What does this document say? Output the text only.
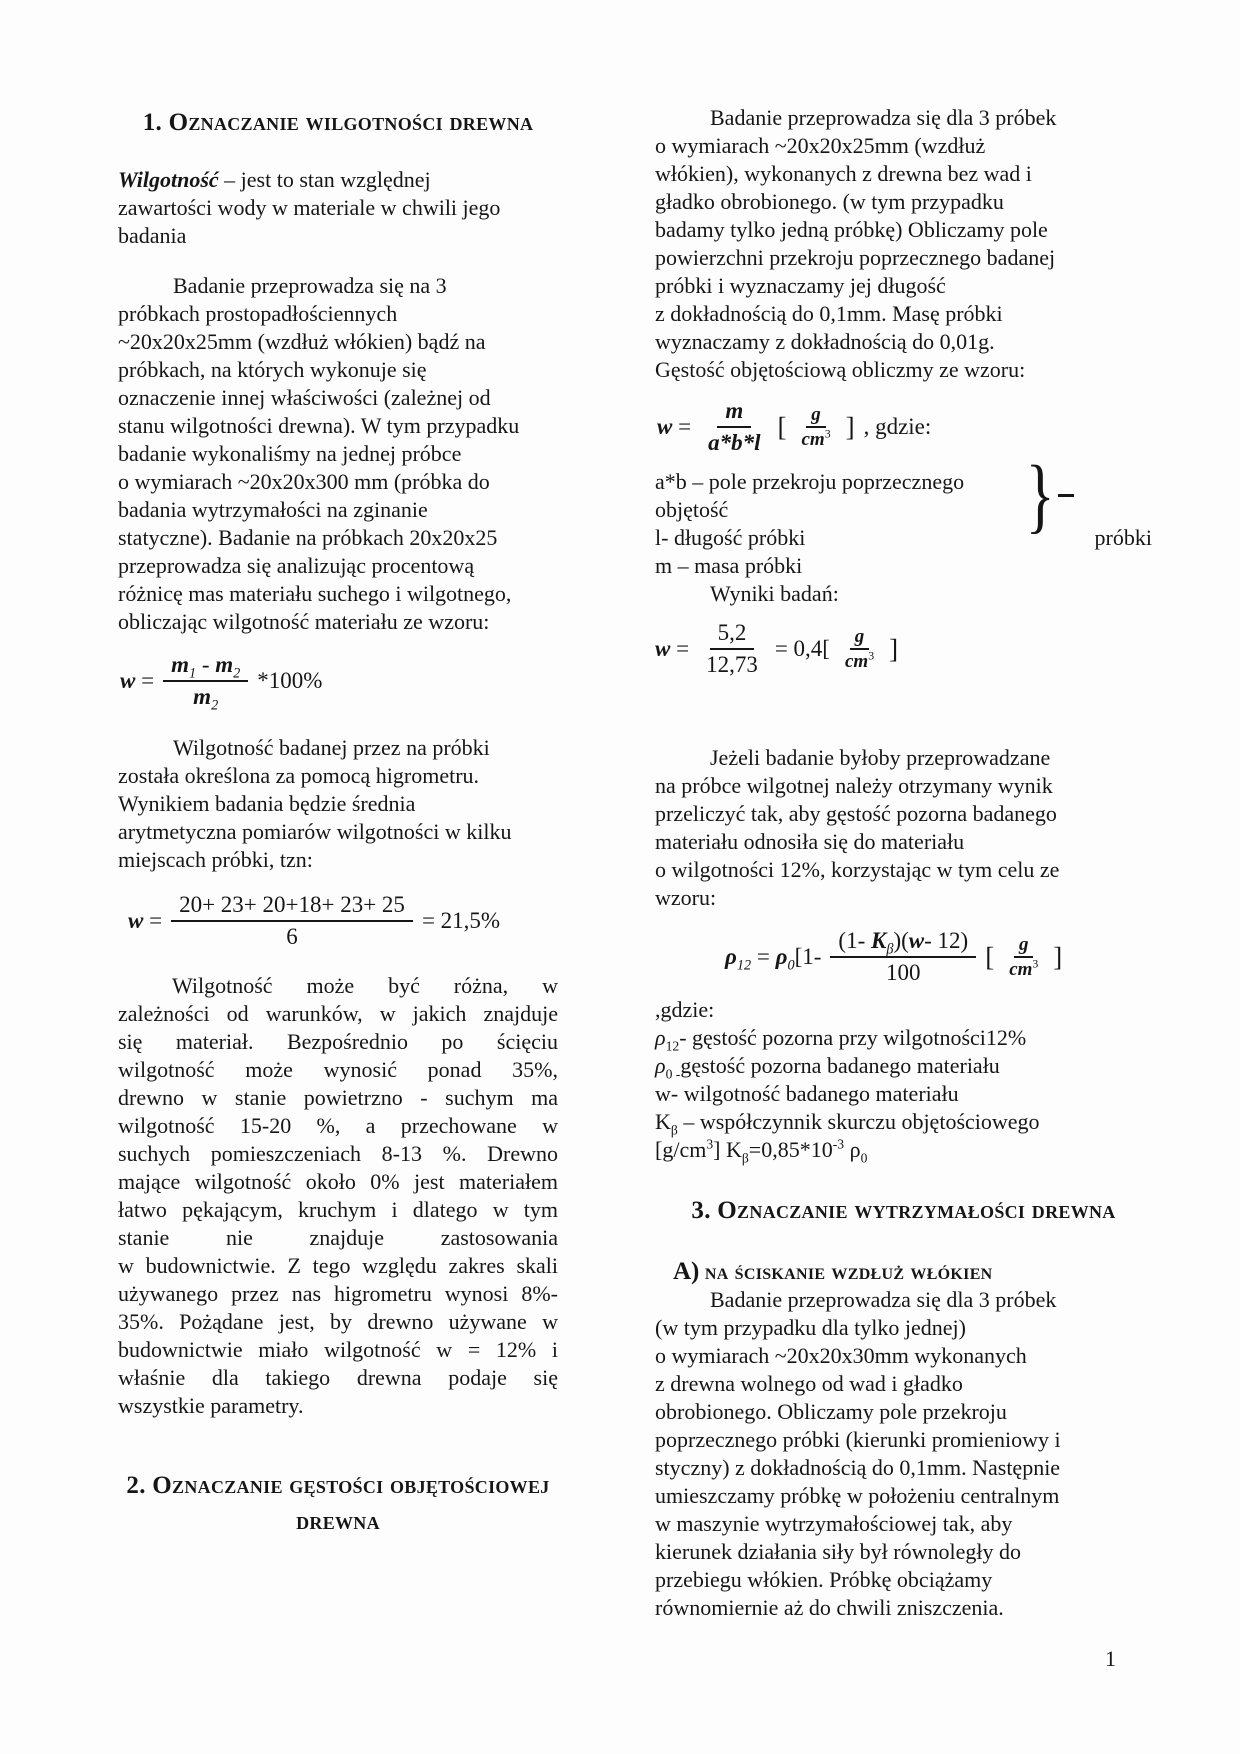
1. Oznaczanie wilgotności drewna

Wilgotność – jest to stan względnej
zawartości wody w materiale w chwili jego
badania

Badanie przeprowadza się na 3
próbkach prostopadłościennych
~20x20x25mm (wzdłuż włókien) bądź na
próbkach, na których wykonuje się
oznaczenie innej właściwości (zależnej od
stanu wilgotności drewna). W tym przypadku
badanie wykonaliśmy na jednej próbce
o wymiarach ~20x20x300 mm (próbka do
badania wytrzymałości na zginanie
statyczne). Badanie na próbkach 20x20x25
przeprowadza się analizując procentową
różnicę mas materiału suchego i wilgotnego,
obliczając wilgotność materiału ze wzoru:

$w = \frac{m_1 - m_2}{m_2} *100\%$

Wilgotność badanej przez na próbki
została określona za pomocą higrometru.
Wynikiem badania będzie średnia
arytmetyczna pomiarów wilgotności w kilku
miejscach próbki, tzn:

$w = \frac{20+ 23+ 20+18+ 23+ 25}{6} = 21,5\%$
Wilgotność może być różna, w
zależności od warunków, w jakich znajduje
się materiał. Bezpośrednio po ścięciu
wilgotność może wynosić ponad 35%,
drewno w stanie powietrzno - suchym ma
wilgotność 15-20 %, a przechowane w
suchych pomieszczeniach 8-13 %. Drewno
mające wilgotność około 0% jest materiałem
łatwo pękającym, kruchym i dlatego w tym
stanie nie znajduje zastosowania
w budownictwie. Z tego względu zakres skali
używanego przez nas higrometru wynosi 8%-
35%. Pożądane jest, by drewno używane w
budownictwie miało wilgotność w = 12% i
właśnie dla takiego drewna podaje się
wszystkie parametry.
2. Oznaczanie gęstości objętościowej
drewna

Badanie przeprowadza się dla 3 próbek
o wymiarach ~20x20x25mm (wzdłuż
włókien), wykonanych z drewna bez wad i
gładko obrobionego. (w tym przypadku
badamy tylko jedną próbkę) Obliczamy pole
powierzchni przekroju poprzecznego badanej
próbki i wyznaczamy jej długość
z dokładnością do 0,1mm. Masę próbki
wyznaczamy z dokładnością do 0,01g.
Gęstość objętościową obliczmy ze wzoru:

$w = \frac{m}{a*b*l}$ [ $\frac{g}{cm^3}$ ] , gdzie:
a*b – pole przekroju poprzecznego
objętość
l- długość próbki	próbki
m – masa próbki
Wyniki badań:
}
$w = \frac{5,2}{12,73} = 0,4[ \frac{g}{cm^3}$ ]

Jeżeli badanie byłoby przeprowadzane
na próbce wilgotnej należy otrzymany wynik
przeliczyć tak, aby gęstość pozorna badanego
materiału odnosiła się do materiału
o wilgotności 12%, korzystając w tym celu ze
wzoru:

$\rho_{12} = \rho_0[1- \frac{(1- K_\beta)(w- 12)}{100}$ [ $\frac{g}{cm^3}$ ]
,gdzie:
$\rho_{12}-$ gęstość pozorna przy wilgotności12%
$\rho_{0 -}gęstość$ pozorna badanego materiału
w- wilgotność badanego materiału
$K_\beta$ – współczynnik skurczu objętościowego
$[g/cm^3]$ $K_\beta=0,85*10^{-3}$ $\rho_0$
3. Oznaczanie wytrzymałości drewna
A) na ściskanie wzdłuż włókien

Badanie przeprowadza się dla 3 próbek
(w tym przypadku dla tylko jednej)
o wymiarach ~20x20x30mm wykonanych
z drewna wolnego od wad i gładko
obrobionego. Obliczamy pole przekroju
poprzecznego próbki (kierunki promieniowy i
styczny) z dokładnością do 0,1mm. Następnie
umieszczamy próbkę w położeniu centralnym
w maszynie wytrzymałościowej tak, aby
kierunek działania siły był równoległy do
przebiegu włókien. Próbkę obciążamy
równomiernie aż do chwili zniszczenia.

1
